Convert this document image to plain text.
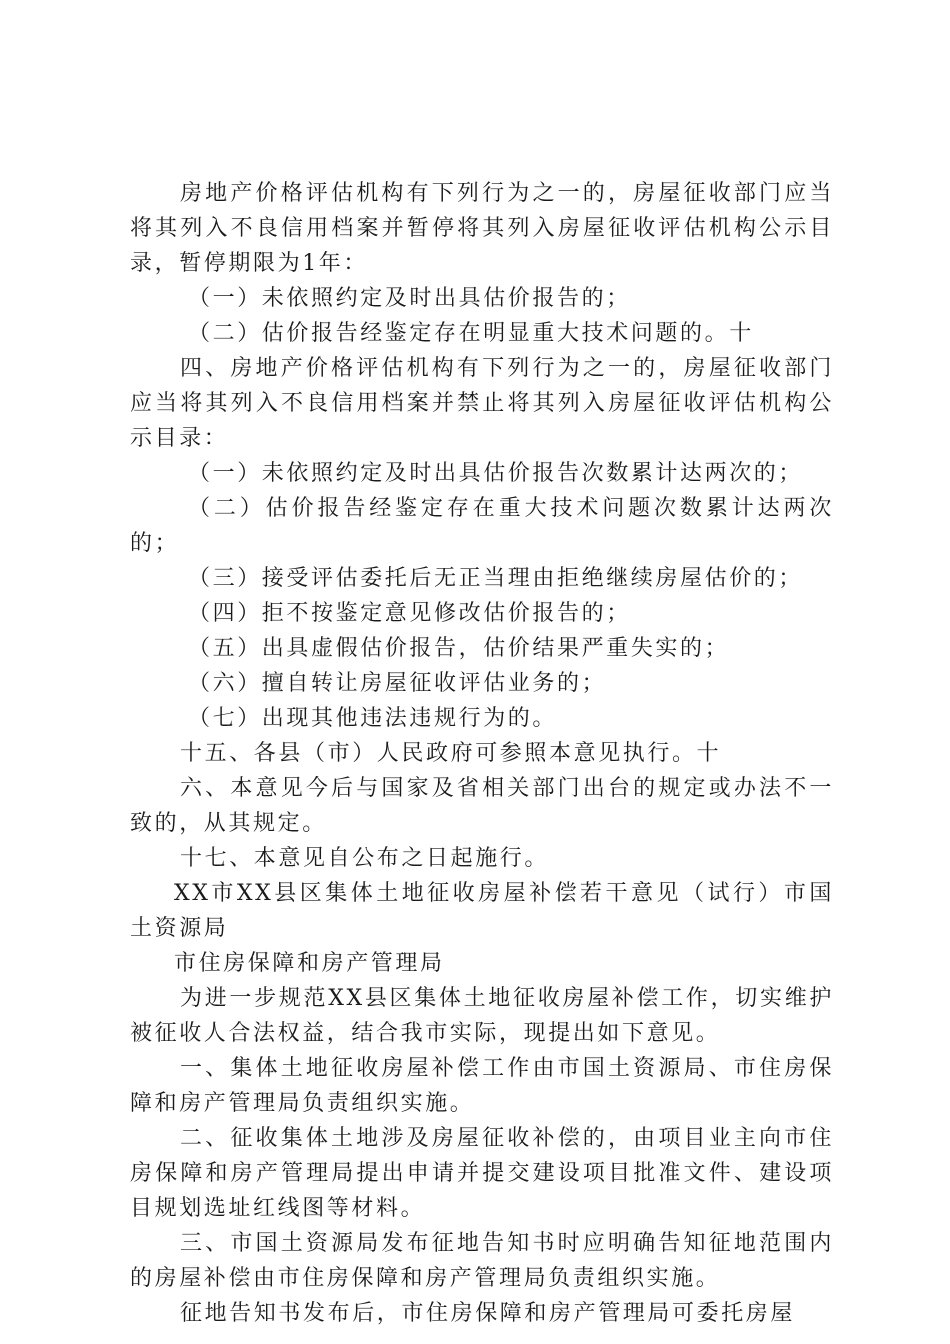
房地产价格评估机构有下列行为之一的，房屋征收部门应当将其列入不良信用档案并暂停将其列入房屋征收评估机构公示目录，暂停期限为1年：

（一）未依照约定及时出具估价报告的；

（二）估价报告经鉴定存在明显重大技术问题的。十

四、房地产价格评估机构有下列行为之一的，房屋征收部门应当将其列入不良信用档案并禁止将其列入房屋征收评估机构公示目录：

（一）未依照约定及时出具估价报告次数累计达两次的；

（二）估价报告经鉴定存在重大技术问题次数累计达两次的；

（三）接受评估委托后无正当理由拒绝继续房屋估价的；

（四）拒不按鉴定意见修改估价报告的；

（五）出具虚假估价报告，估价结果严重失实的；

（六）擅自转让房屋征收评估业务的；

（七）出现其他违法违规行为的。

十五、各县（市）人民政府可参照本意见执行。十

六、本意见今后与国家及省相关部门出台的规定或办法不一致的，从其规定。

十七、本意见自公布之日起施行。

XX市XX县区集体土地征收房屋补偿若干意见（试行）市国土资源局

市住房保障和房产管理局

为进一步规范XX县区集体土地征收房屋补偿工作，切实维护被征收人合法权益，结合我市实际，现提出如下意见。

一、集体土地征收房屋补偿工作由市国土资源局、市住房保障和房产管理局负责组织实施。

二、征收集体土地涉及房屋征收补偿的，由项目业主向市住房保障和房产管理局提出申请并提交建设项目批准文件、建设项目规划选址红线图等材料。

三、市国土资源局发布征地告知书时应明确告知征地范围内的房屋补偿由市住房保障和房产管理局负责组织实施。

征地告知书发布后，市住房保障和房产管理局可委托房屋
